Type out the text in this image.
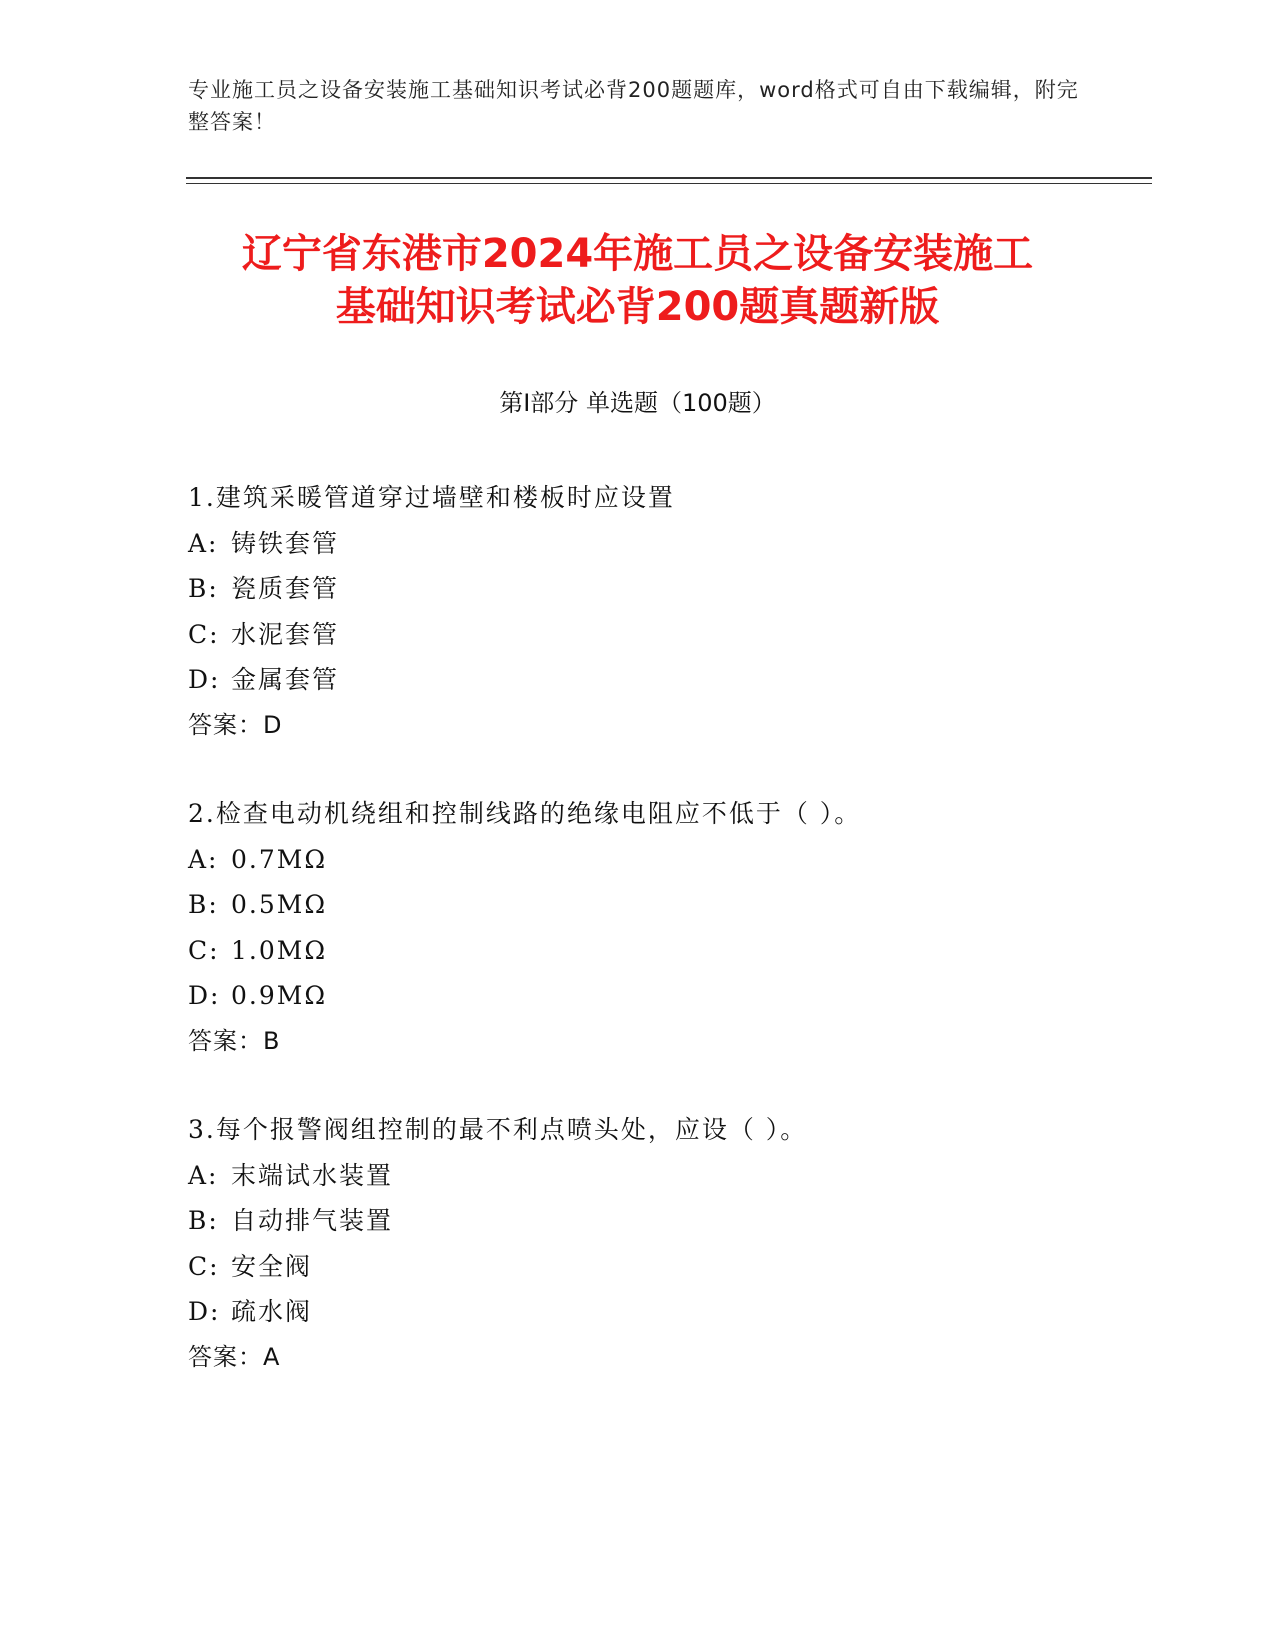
专业施工员之设备安装施工基础知识考试必背200题题库，word格式可自由下载编辑，附完整答案！
辽宁省东港市2024年施工员之设备安装施工
基础知识考试必背200题真题新版
第Ⅰ部分 单选题（100题）
1.建筑采暖管道穿过墙壁和楼板时应设置
A: 铸铁套管
B: 瓷质套管
C: 水泥套管
D: 金属套管
答案：D
2.检查电动机绕组和控制线路的绝缘电阻应不低于（ ）。
A: 0.7MΩ
B: 0.5MΩ
C: 1.0MΩ
D: 0.9MΩ
答案：B
3.每个报警阀组控制的最不利点喷头处，应设（ ）。
A: 末端试水装置
B: 自动排气装置
C: 安全阀
D: 疏水阀
答案：A
